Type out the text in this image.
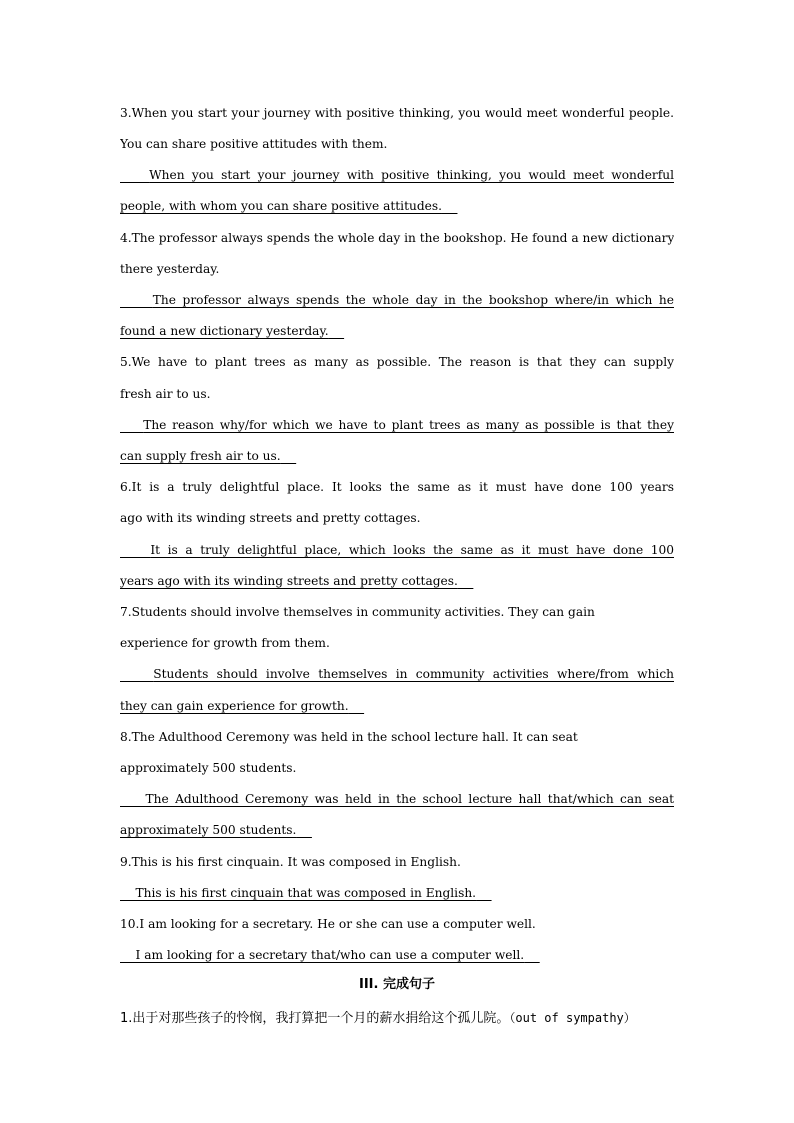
3.When you start your journey with positive thinking, you would meet wonderful people.
You can share positive attitudes with them.
When you start your journey with positive thinking, you would meet wonderful
people, with whom you can share positive attitudes.
4.The professor always spends the whole day in the bookshop. He found a new dictionary
there yesterday.
The professor always spends the whole day in the bookshop where/in which he
found a new dictionary yesterday.
5.We have to plant trees as many as possible. The reason is that they can supply
fresh air to us.
The reason why/for which we have to plant trees as many as possible is that they
can supply fresh air to us.
6.It is a truly delightful place. It looks the same as it must have done 100 years
ago with its winding streets and pretty cottages.
It is a truly delightful place, which looks the same as it must have done 100
years ago with its winding streets and pretty cottages.
7.Students should involve themselves in community activities. They can gain
experience for growth from them.
Students should involve themselves in community activities where/from which
they can gain experience for growth.
8.The Adulthood Ceremony was held in the school lecture hall. It can seat
approximately 500 students.
The Adulthood Ceremony was held in the school lecture hall that/which can seat
approximately 500 students.
9.This is his first cinquain. It was composed in English.
This is his first cinquain that was composed in English.
10.I am looking for a secretary. He or she can use a computer well.
I am looking for a secretary that/who can use a computer well.
III. 完成句子
1.出于对那些孩子的怜悯，我打算把一个月的薪水捐给这个孤儿院。（out of sympathy）
